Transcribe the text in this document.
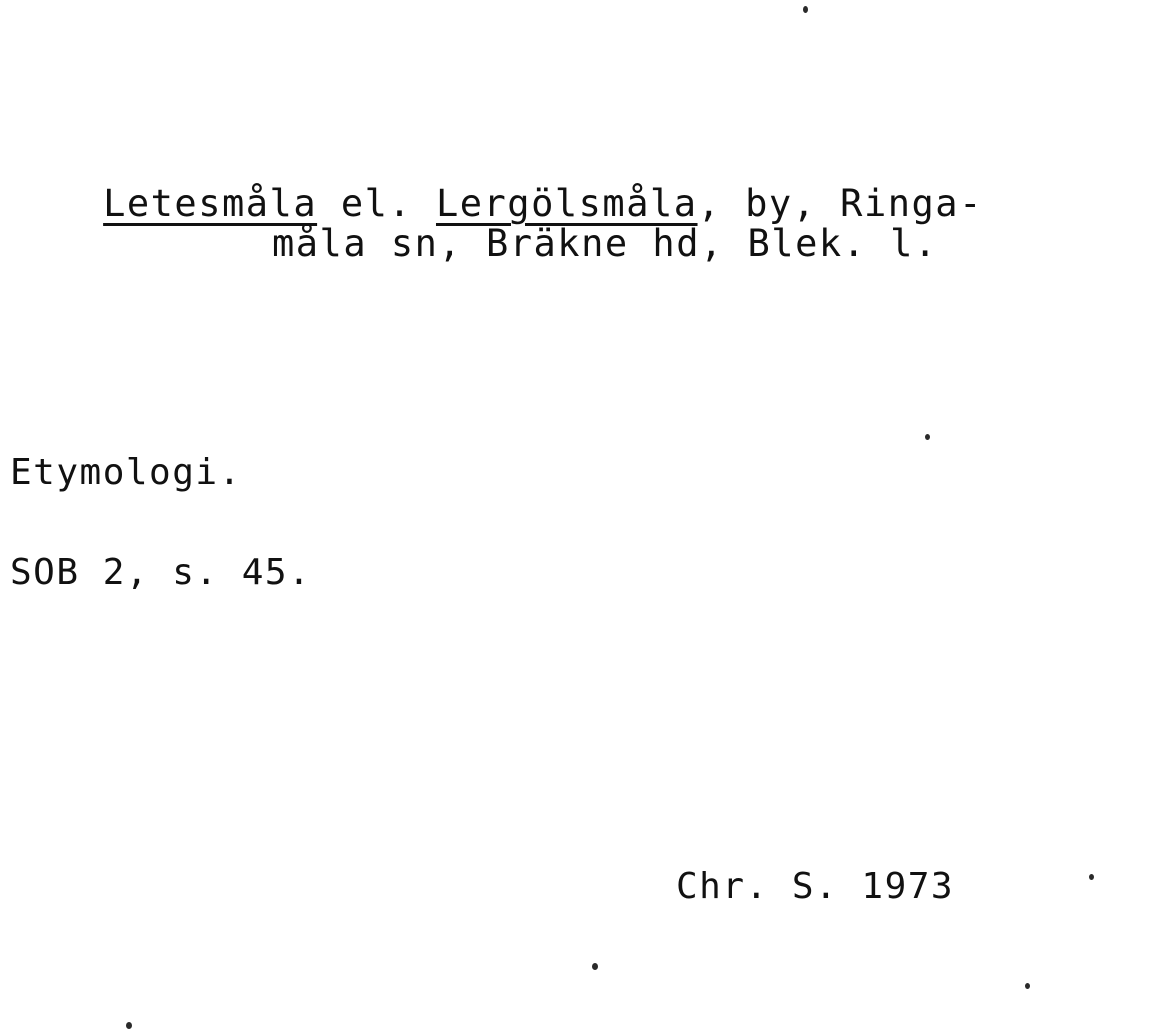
Letesmåla el. Lergölsmåla, by, Ringa-

måla sn, Bräkne hd, Blek. l.
Etymologi.
SOB 2, s. 45.
Chr. S. 1973
